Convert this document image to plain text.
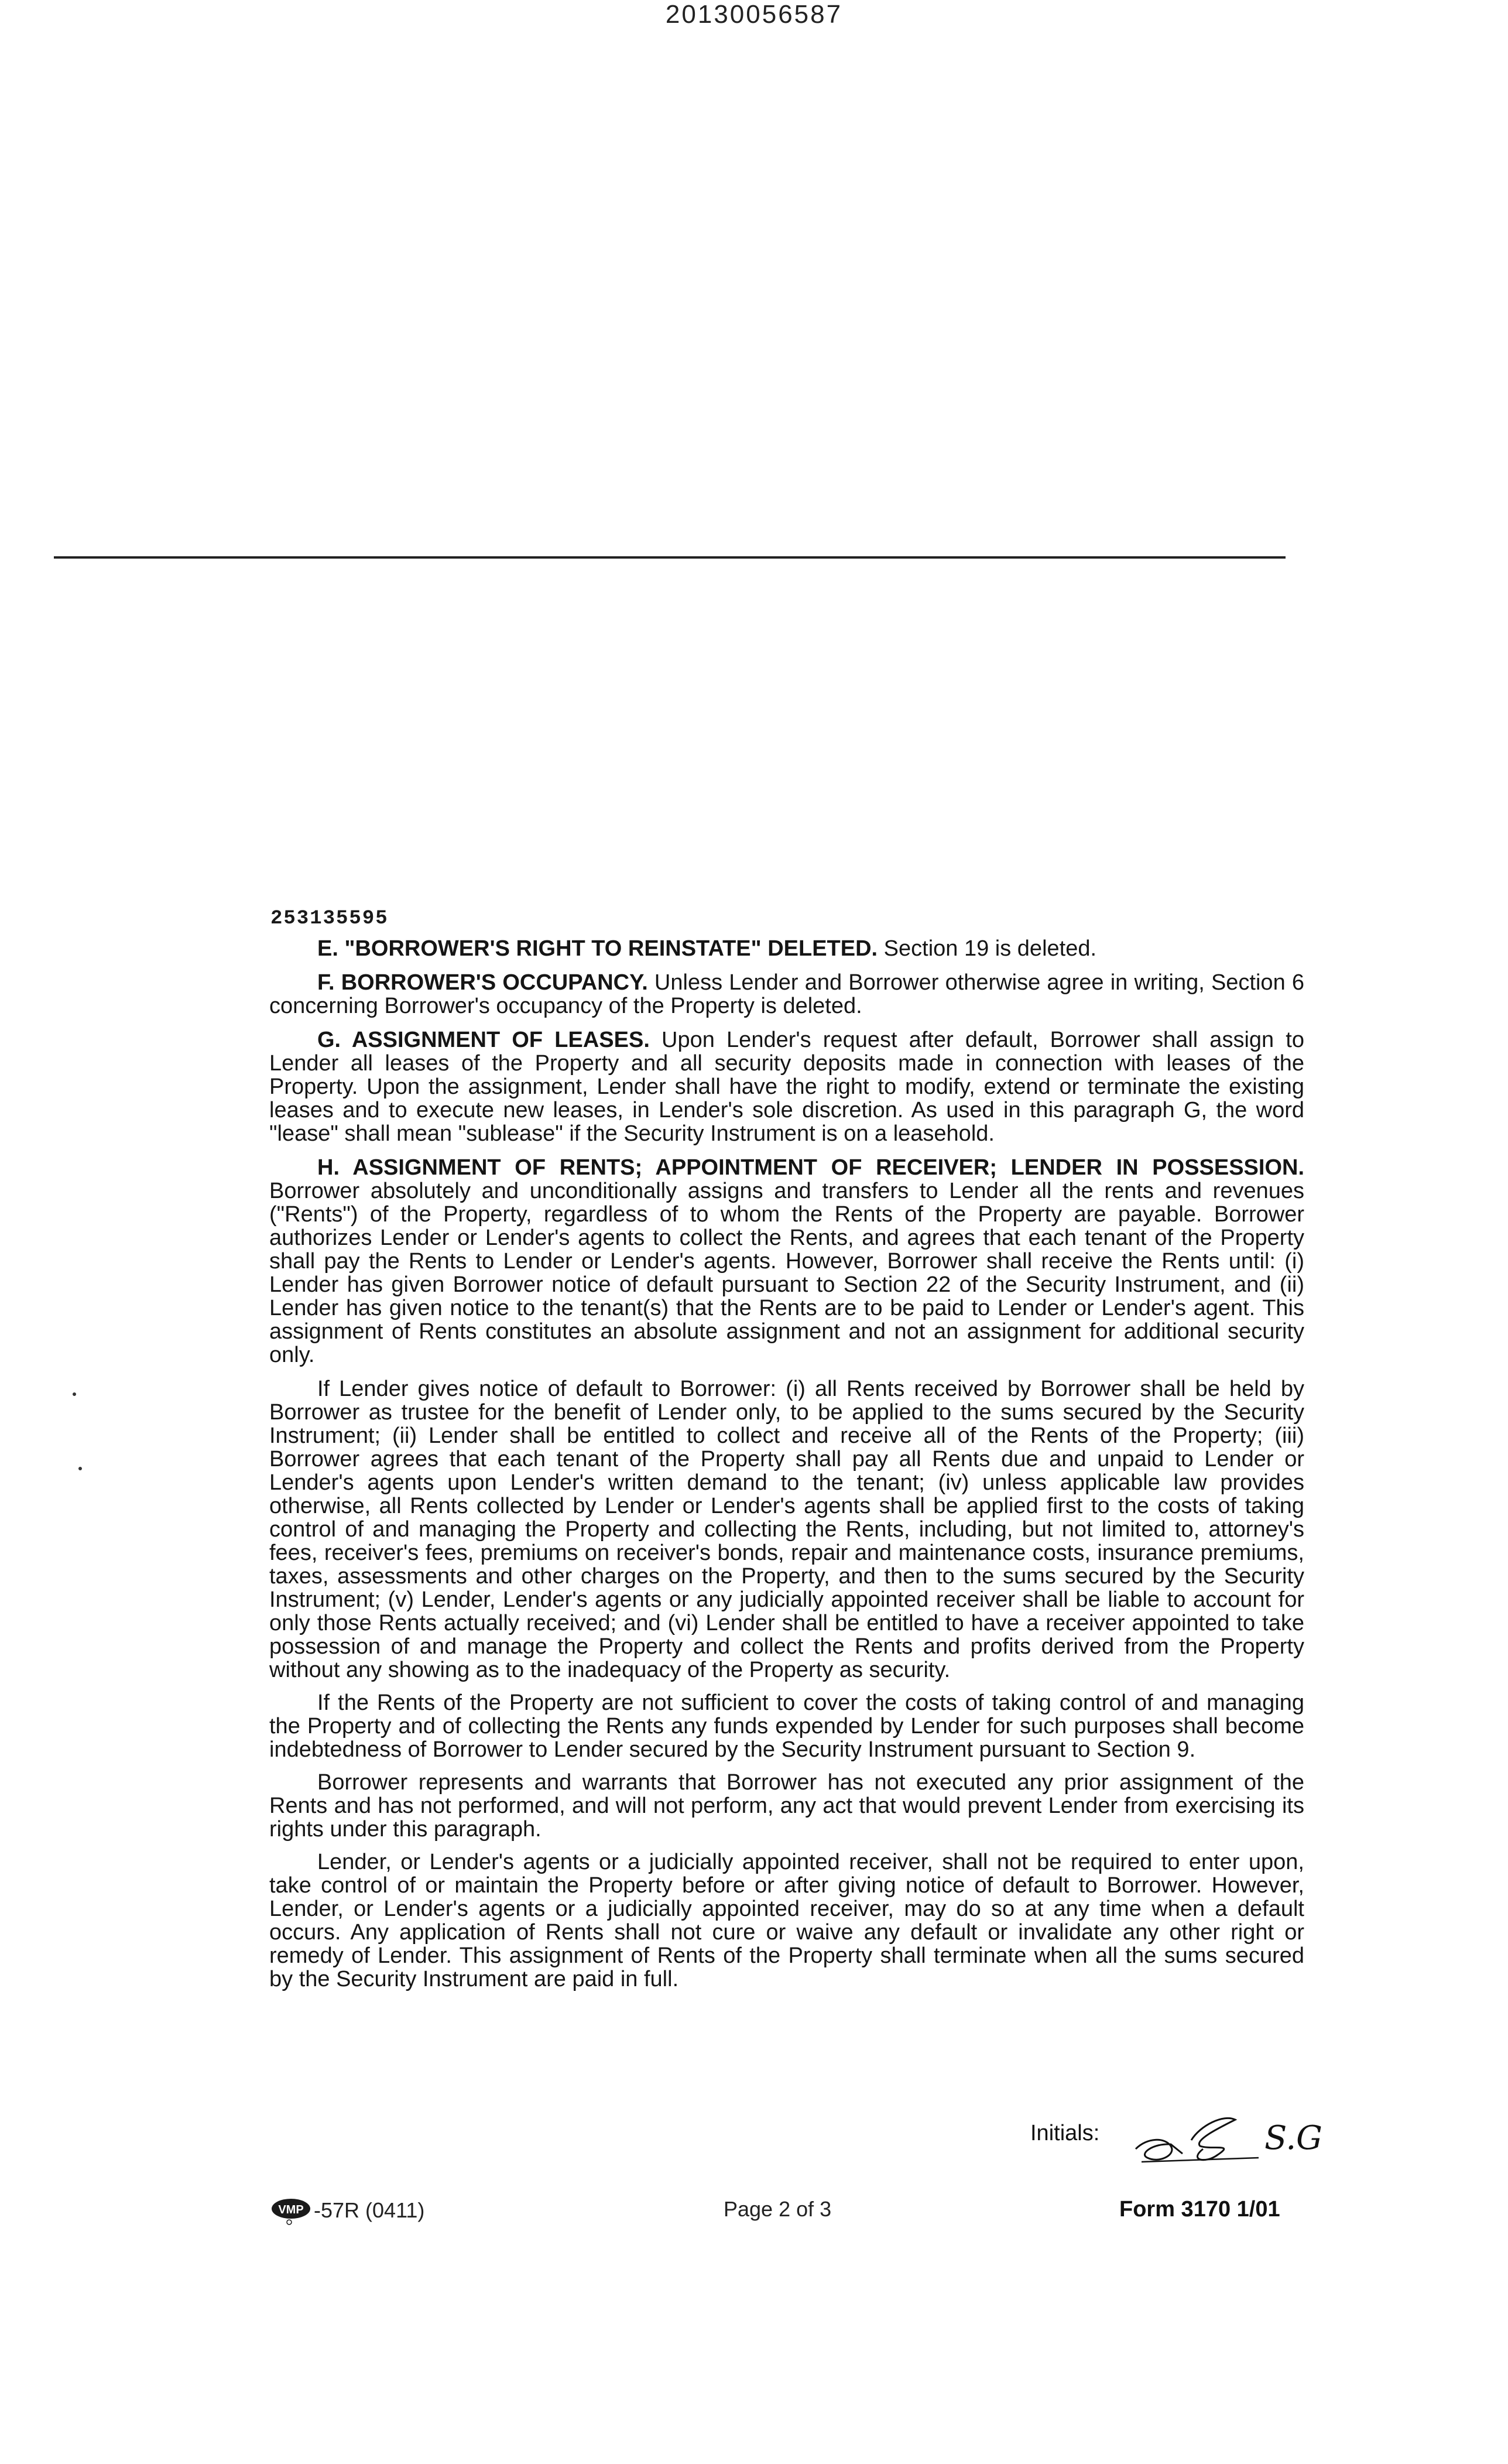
20130056587
253135595

E. "BORROWER'S RIGHT TO REINSTATE" DELETED. Section 19 is deleted.

F. BORROWER'S OCCUPANCY. Unless Lender and Borrower otherwise agree in writing, Section 6 concerning Borrower's occupancy of the Property is deleted.

G. ASSIGNMENT OF LEASES. Upon Lender's request after default, Borrower shall assign to Lender all leases of the Property and all security deposits made in connection with leases of the Property. Upon the assignment, Lender shall have the right to modify, extend or terminate the existing leases and to execute new leases, in Lender's sole discretion. As used in this paragraph G, the word "lease" shall mean "sublease" if the Security Instrument is on a leasehold.

H. ASSIGNMENT OF RENTS; APPOINTMENT OF RECEIVER; LENDER IN POSSESSION. Borrower absolutely and unconditionally assigns and transfers to Lender all the rents and revenues ("Rents") of the Property, regardless of to whom the Rents of the Property are payable. Borrower authorizes Lender or Lender's agents to collect the Rents, and agrees that each tenant of the Property shall pay the Rents to Lender or Lender's agents. However, Borrower shall receive the Rents until: (i) Lender has given Borrower notice of default pursuant to Section 22 of the Security Instrument, and (ii) Lender has given notice to the tenant(s) that the Rents are to be paid to Lender or Lender's agent. This assignment of Rents constitutes an absolute assignment and not an assignment for additional security only.

If Lender gives notice of default to Borrower: (i) all Rents received by Borrower shall be held by Borrower as trustee for the benefit of Lender only, to be applied to the sums secured by the Security Instrument; (ii) Lender shall be entitled to collect and receive all of the Rents of the Property; (iii) Borrower agrees that each tenant of the Property shall pay all Rents due and unpaid to Lender or Lender's agents upon Lender's written demand to the tenant; (iv) unless applicable law provides otherwise, all Rents collected by Lender or Lender's agents shall be applied first to the costs of taking control of and managing the Property and collecting the Rents, including, but not limited to, attorney's fees, receiver's fees, premiums on receiver's bonds, repair and maintenance costs, insurance premiums, taxes, assessments and other charges on the Property, and then to the sums secured by the Security Instrument; (v) Lender, Lender's agents or any judicially appointed receiver shall be liable to account for only those Rents actually received; and (vi) Lender shall be entitled to have a receiver appointed to take possession of and manage the Property and collect the Rents and profits derived from the Property without any showing as to the inadequacy of the Property as security.

If the Rents of the Property are not sufficient to cover the costs of taking control of and managing the Property and of collecting the Rents any funds expended by Lender for such purposes shall become indebtedness of Borrower to Lender secured by the Security Instrument pursuant to Section 9.

Borrower represents and warrants that Borrower has not executed any prior assignment of the Rents and has not performed, and will not perform, any act that would prevent Lender from exercising its rights under this paragraph.

Lender, or Lender's agents or a judicially appointed receiver, shall not be required to enter upon, take control of or maintain the Property before or after giving notice of default to Borrower. However, Lender, or Lender's agents or a judicially appointed receiver, may do so at any time when a default occurs. Any application of Rents shall not cure or waive any default or invalidate any other right or remedy of Lender. This assignment of Rents of the Property shall terminate when all the sums secured by the Security Instrument are paid in full.

VMP -57R (0411)	Page 2 of 3
Initials:	S.G
Form 3170 1/01
